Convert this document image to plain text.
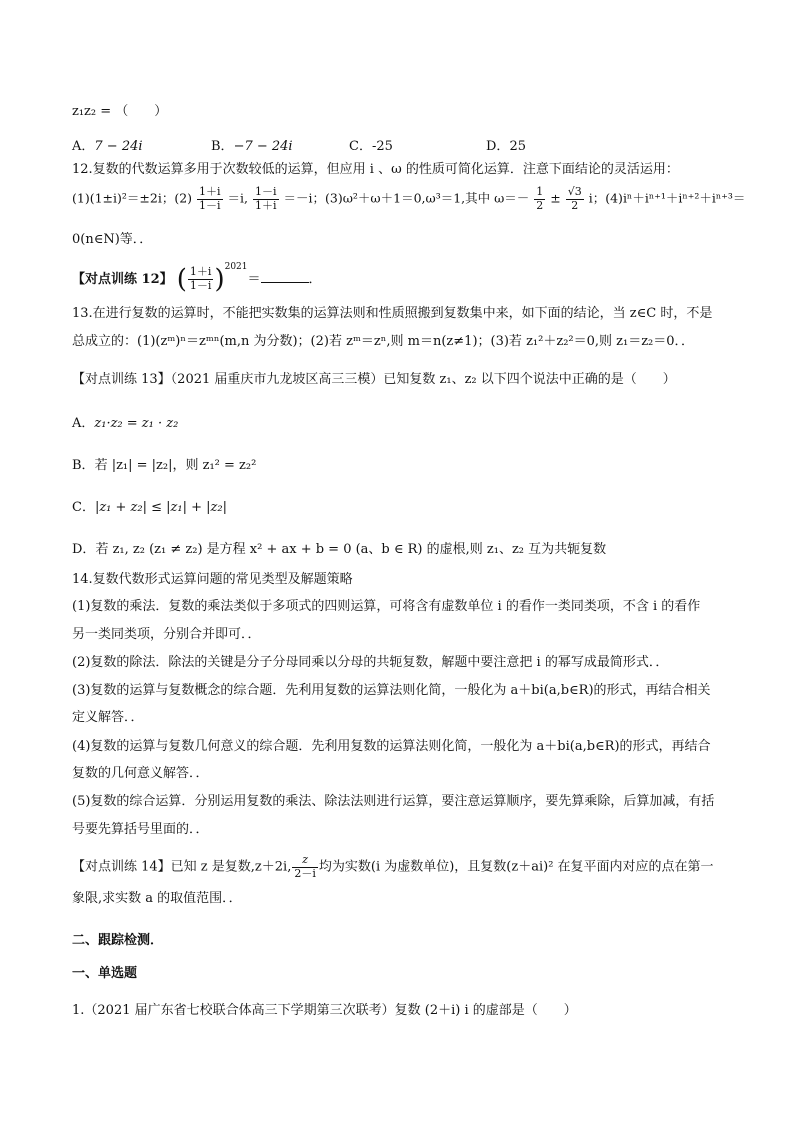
z₁z₂ = （　　）
A．7 − 24i	B．−7 − 24i	C．-25	D．25
12.复数的代数运算多用于次数较低的运算，但应用 i 、ω 的性质可简化运算．注意下面结论的灵活运用：
(1)(1±i)²＝±2i；$(2) \frac{1+i}{1-i} =i$, $\frac{1-i}{1+i} =-i$；(3)ω²＋ω＋1＝0,ω³＝1,其中 $\omega=- \frac{1}{2} \pm \frac{√3}{2}$ i；(4)iⁿ＋iⁿ⁺¹＋iⁿ⁺²＋iⁿ⁺³＝
0(n∈N)等．．
【对点训练 12】 ( $\frac{1+i}{1-i} )^{2021}=$	．
13.在进行复数的运算时，不能把实数集的运算法则和性质照搬到复数集中来，如下面的结论，当 z∈C 时，不是
总成立的：(1)(zᵐ)ⁿ＝zᵐⁿ(m,n 为分数)；(2)若 zᵐ＝zⁿ,则 m＝n(z≠1)；(3)若 z₁²＋z₂²＝0,则 z₁＝z₂＝0．．
【对点训练 13】（2021 届重庆市九龙坡区高三三模）已知复数 z₁、z₂ 以下四个说法中正确的是（　　）
A．z₁·z₂ = z₁ · z₂
B．若 |z₁| = |z₂|，则 z₁² = z₂²
C．|z₁ + z₂| ≤ |z₁| + |z₂|
D．若 z₁, z₂ (z₁ ≠ z₂) 是方程 x² + ax + b = 0 (a、b ∈ R) 的虚根,则 z₁、z₂ 互为共轭复数
14.复数代数形式运算问题的常见类型及解题策略
(1)复数的乘法．复数的乘法类似于多项式的四则运算，可将含有虚数单位 i 的看作一类同类项，不含 i 的看作
另一类同类项，分别合并即可．．
(2)复数的除法．除法的关键是分子分母同乘以分母的共轭复数，解题中要注意把 i 的幂写成最简形式．．
(3)复数的运算与复数概念的综合题．先利用复数的运算法则化简，一般化为 a＋bi(a,b∈R)的形式，再结合相关
定义解答．．
(4)复数的运算与复数几何意义的综合题．先利用复数的运算法则化简，一般化为 a＋bi(a,b∈R)的形式，再结合
复数的几何意义解答．．
(5)复数的综合运算．分别运用复数的乘法、除法法则进行运算，要注意运算顺序，要先算乘除，后算加减，有括
号要先算括号里面的．．
【对点训练 14】已知 z 是复数,z＋2i, $\frac{z}{2-i}$ 均为实数(i 为虚数单位)，且复数(z＋ai)² 在复平面内对应的点在第一
象限,求实数 a 的取值范围．．
二、跟踪检测．
一、单选题
1.（2021 届广东省七校联合体高三下学期第三次联考）复数 (2＋i) i 的虚部是（　　）
